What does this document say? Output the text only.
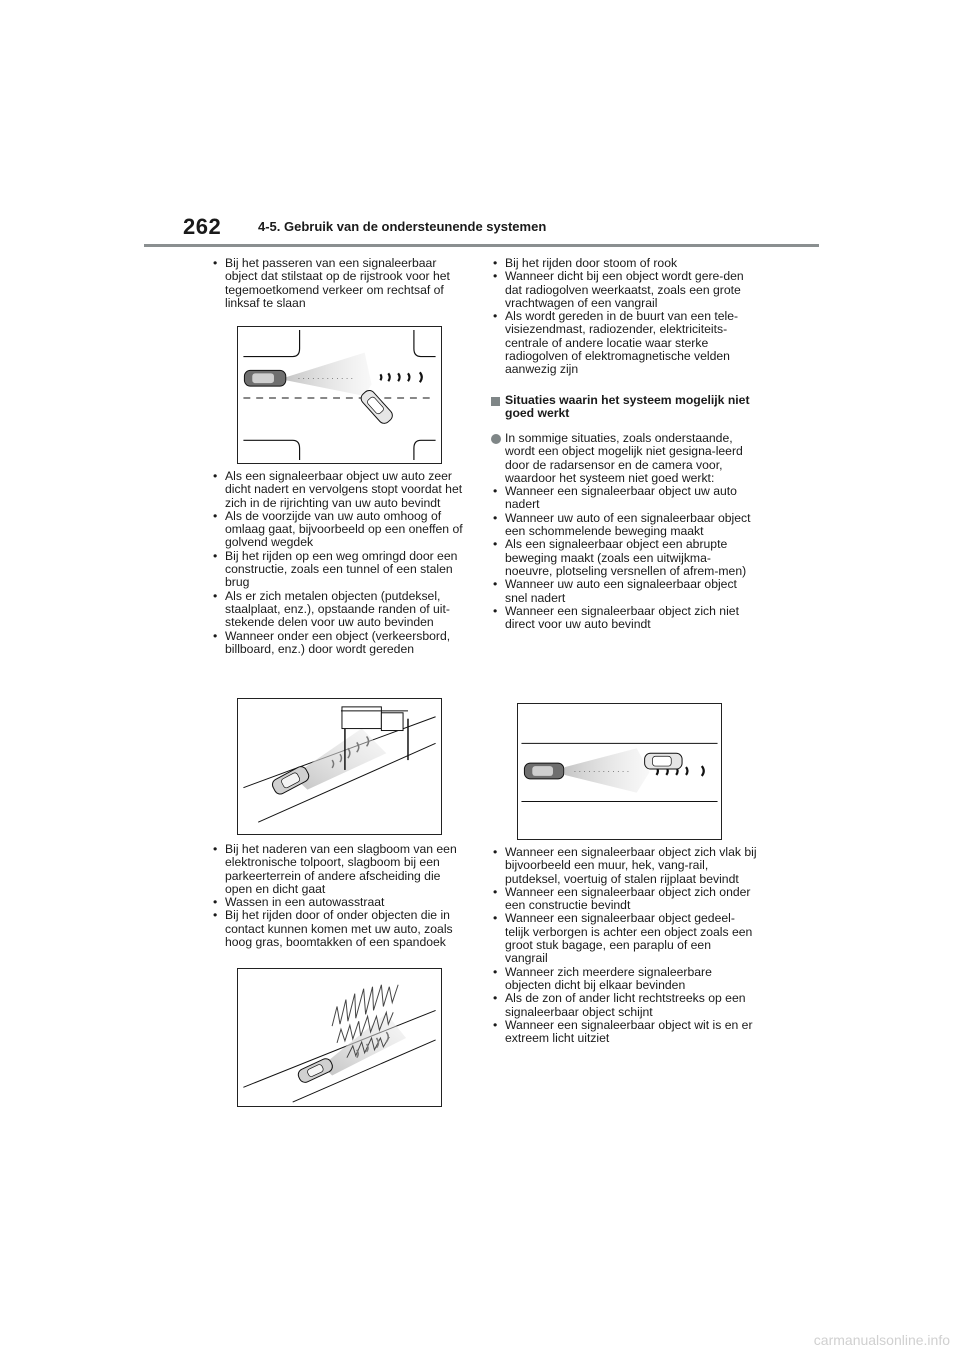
262	4-5. Gebruik van de ondersteunende systemen
• Bij het passeren van een signaleerbaar object dat stilstaat op de rijstrook voor het tegemoetkomend verkeer om rechtsaf of linksaf te slaan
· · · · · · · · · · · ·
• Als een signaleerbaar object uw auto zeer dicht nadert en vervolgens stopt voordat het zich in de rijrichting van uw auto bevindt
• Als de voorzijde van uw auto omhoog of omlaag gaat, bijvoorbeeld op een oneffen of golvend wegdek
• Bij het rijden op een weg omringd door een constructie, zoals een tunnel of een stalen brug
• Als er zich metalen objecten (putdeksel, staalplaat, enz.), opstaande randen of uit-stekende delen voor uw auto bevinden
• Wanneer onder een object (verkeersbord, billboard, enz.) door wordt gereden
• Bij het naderen van een slagboom van een elektronische tolpoort, slagboom bij een parkeerterrein of andere afscheiding die open en dicht gaat
• Wassen in een autowasstraat
• Bij het rijden door of onder objecten die in contact kunnen komen met uw auto, zoals hoog gras, boomtakken of een spandoek
• Bij het rijden door stoom of rook
• Wanneer dicht bij een object wordt gere-den dat radiogolven weerkaatst, zoals een grote vrachtwagen of een vangrail
• Als wordt gereden in de buurt van een tele-visiezendmast, radiozender, elektriciteits-centrale of andere locatie waar sterke radiogolven of elektromagnetische velden aanwezig zijn

Situaties waarin het systeem mogelijk niet goed werkt

In sommige situaties, zoals onderstaande, wordt een object mogelijk niet gesigna-leerd door de radarsensor en de camera voor, waardoor het systeem niet goed werkt:

• Wanneer een signaleerbaar object uw auto nadert
• Wanneer uw auto of een signaleerbaar object een schommelende beweging maakt
• Als een signaleerbaar object een abrupte beweging maakt (zoals een uitwijkma-noeuvre, plotseling versnellen of afrem-men)
• Wanneer uw auto een signaleerbaar object snel nadert
• Wanneer een signaleerbaar object zich niet direct voor uw auto bevindt
· · · · · · · · · · · ·
• Wanneer een signaleerbaar object zich vlak bij bijvoorbeeld een muur, hek, vang-rail, putdeksel, voertuig of stalen rijplaat bevindt
• Wanneer een signaleerbaar object zich onder een constructie bevindt
• Wanneer een signaleerbaar object gedeel-telijk verborgen is achter een object zoals een groot stuk bagage, een paraplu of een vangrail
• Wanneer zich meerdere signaleerbare objecten dicht bij elkaar bevinden
• Als de zon of ander licht rechtstreeks op een signaleerbaar object schijnt
• Wanneer een signaleerbaar object wit is en er extreem licht uitziet
carmanualsonline.info
